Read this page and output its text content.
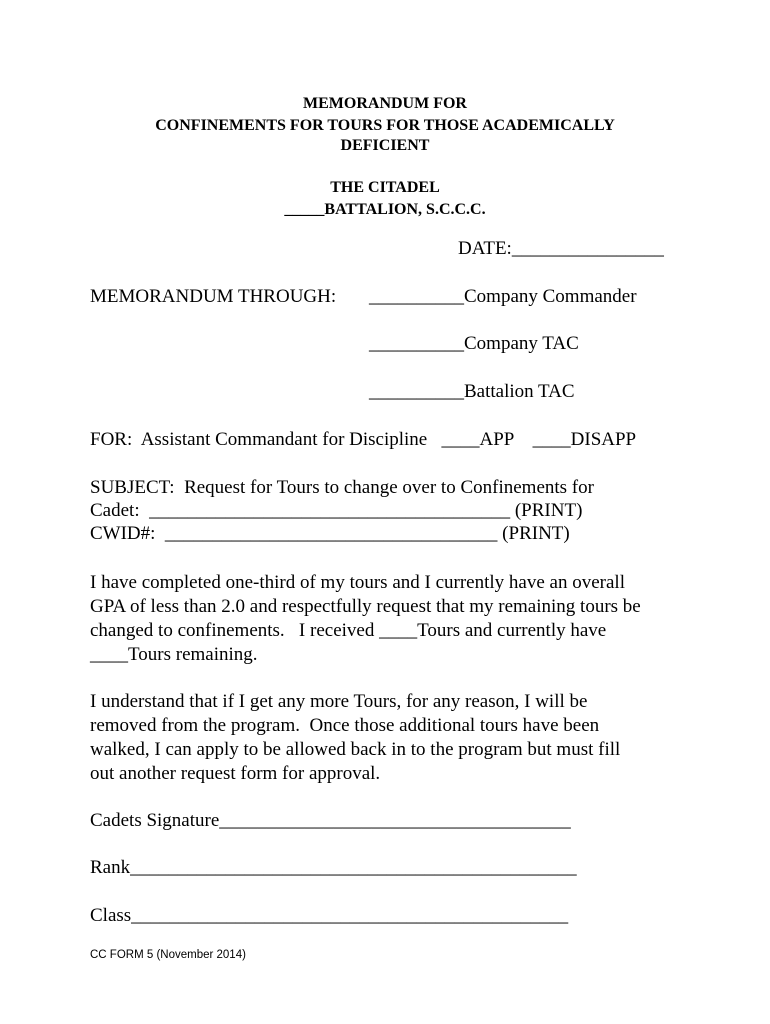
MEMORANDUM FOR
CONFINEMENTS FOR TOURS FOR THOSE ACADEMICALLY
DEFICIENT
THE CITADEL
_____BATTALION, S.C.C.C.
DATE:________________
MEMORANDUM THROUGH: __________Company Commander
__________Company TAC
__________Battalion TAC
FOR:  Assistant Commandant for Discipline   ____APP    ____DISAPP
SUBJECT:  Request for Tours to change over to Confinements for
Cadet:  ______________________________________ (PRINT)
CWID#:  ___________________________________ (PRINT)
I have completed one-third of my tours and I currently have an overall
GPA of less than 2.0 and respectfully request that my remaining tours be
changed to confinements.   I received ____Tours and currently have
____Tours remaining.
I understand that if I get any more Tours, for any reason, I will be
removed from the program.  Once those additional tours have been
walked, I can apply to be allowed back in to the program but must fill
out another request form for approval.
Cadets Signature_____________________________________
Rank_______________________________________________
Class______________________________________________
CC FORM 5 (November 2014)
